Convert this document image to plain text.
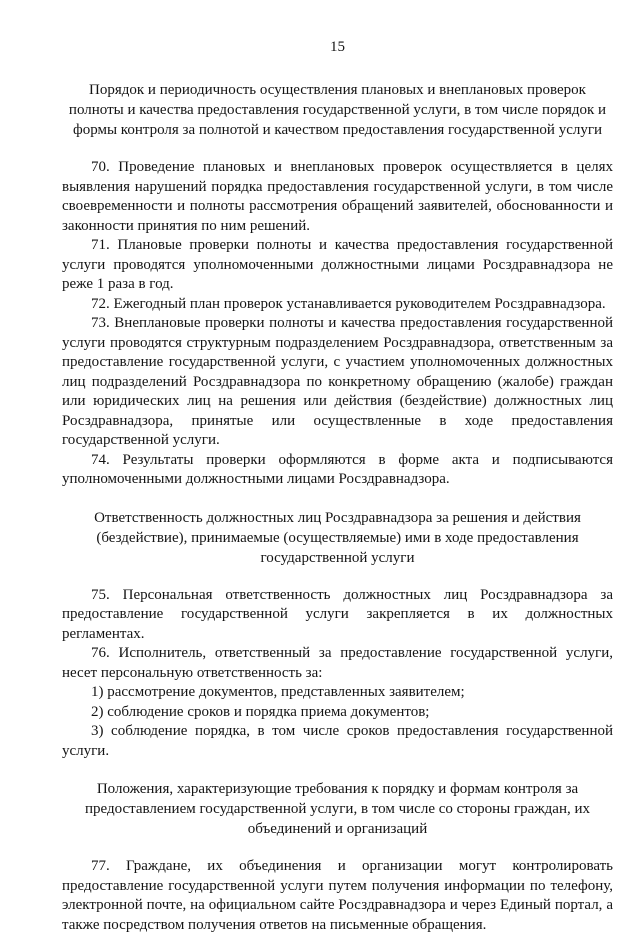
15
Порядок и периодичность осуществления плановых и внеплановых проверок полноты и качества предоставления государственной услуги, в том числе порядок и формы контроля за полнотой и качеством предоставления государственной услуги

70. Проведение плановых и внеплановых проверок осуществляется в целях выявления нарушений порядка предоставления государственной услуги, в том числе своевременности и полноты рассмотрения обращений заявителей, обоснованности и законности принятия по ним решений.

71. Плановые проверки полноты и качества предоставления государственной услуги проводятся уполномоченными должностными лицами Росздравнадзора не реже 1 раза в год.

72. Ежегодный план проверок устанавливается руководителем Росздравнадзора.

73. Внеплановые проверки полноты и качества предоставления государственной услуги проводятся структурным подразделением Росздравнадзора, ответственным за предоставление государственной услуги, с участием уполномоченных должностных лиц подразделений Росздравнадзора по конкретному обращению (жалобе) граждан или юридических лиц на решения или действия (бездействие) должностных лиц Росздравнадзора, принятые или осуществленные в ходе предоставления государственной услуги.

74. Результаты проверки оформляются в форме акта и подписываются уполномоченными должностными лицами Росздравнадзора.

Ответственность должностных лиц Росздравнадзора за решения и действия (бездействие), принимаемые (осуществляемые) ими в ходе предоставления государственной услуги

75. Персональная ответственность должностных лиц Росздравнадзора за предоставление государственной услуги закрепляется в их должностных регламентах.

76. Исполнитель, ответственный за предоставление государственной услуги, несет персональную ответственность за:

1) рассмотрение документов, представленных заявителем;

2) соблюдение сроков и порядка приема документов;

3) соблюдение порядка, в том числе сроков предоставления государственной услуги.

Положения, характеризующие требования к порядку и формам контроля за предоставлением государственной услуги, в том числе со стороны граждан, их объединений и организаций

77. Граждане, их объединения и организации могут контролировать предоставление государственной услуги путем получения информации по телефону, электронной почте, на официальном сайте Росздравнадзора и через Единый портал, а также посредством получения ответов на письменные обращения.
